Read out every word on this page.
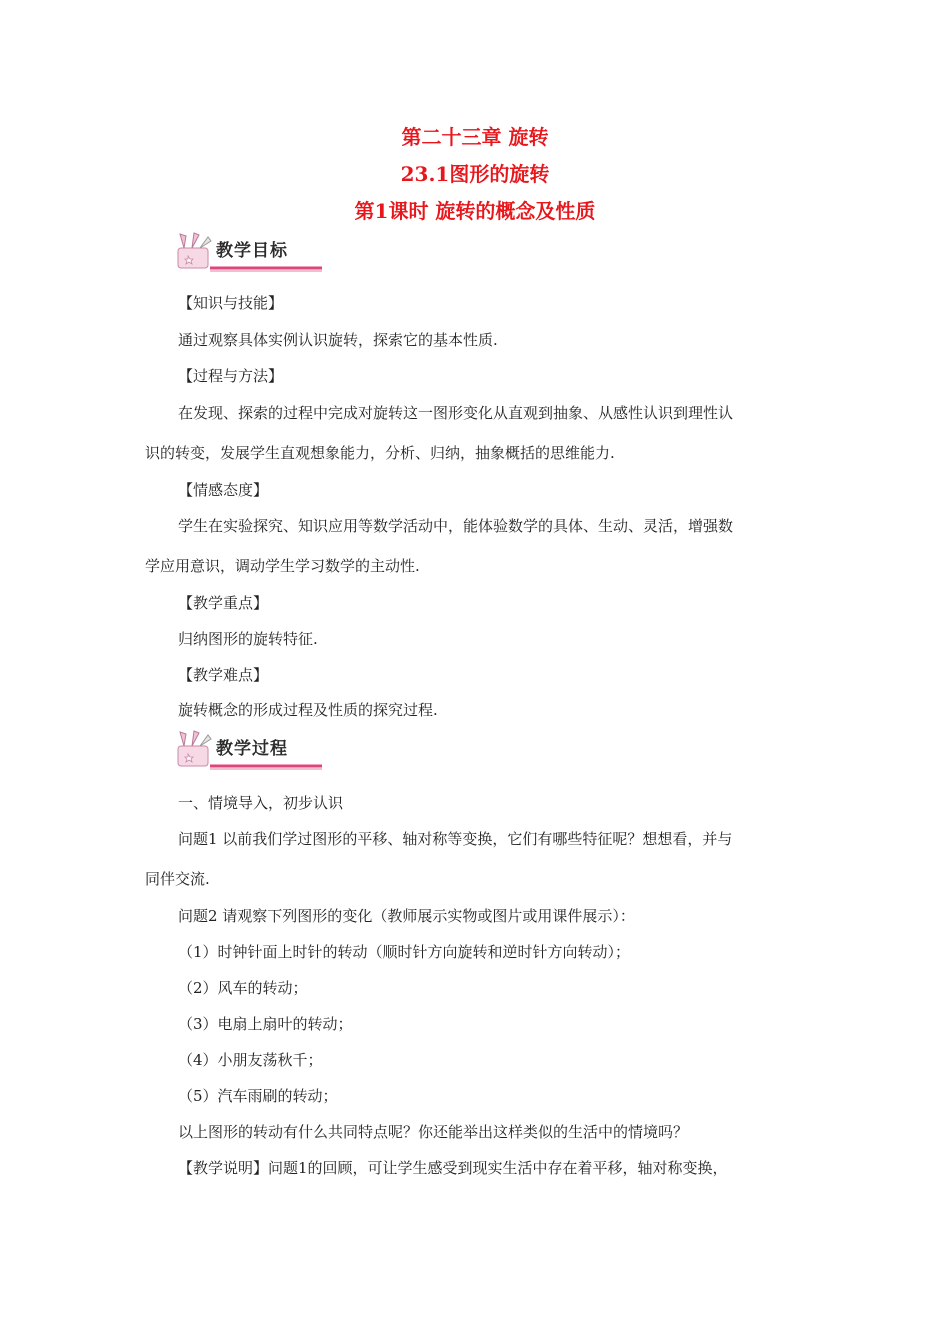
第二十三章 旋转
23.1图形的旋转
第1课时 旋转的概念及性质
教学目标
【知识与技能】
通过观察具体实例认识旋转，探索它的基本性质.
【过程与方法】
在发现、探索的过程中完成对旋转这一图形变化从直观到抽象、从感性认识到理性认
识的转变，发展学生直观想象能力，分析、归纳，抽象概括的思维能力.
【情感态度】
学生在实验探究、知识应用等数学活动中，能体验数学的具体、生动、灵活，增强数
学应用意识，调动学生学习数学的主动性.
【教学重点】
归纳图形的旋转特征.
【教学难点】
旋转概念的形成过程及性质的探究过程.
教学过程
一、情境导入，初步认识
问题1 以前我们学过图形的平移、轴对称等变换，它们有哪些特征呢？想想看，并与
同伴交流.
问题2 请观察下列图形的变化（教师展示实物或图片或用课件展示）：
（1）时钟针面上时针的转动（顺时针方向旋转和逆时针方向转动）；
（2）风车的转动；
（3）电扇上扇叶的转动；
（4）小朋友荡秋千；
（5）汽车雨刷的转动；
以上图形的转动有什么共同特点呢？你还能举出这样类似的生活中的情境吗？
【教学说明】问题1的回顾，可让学生感受到现实生活中存在着平移，轴对称变换，
